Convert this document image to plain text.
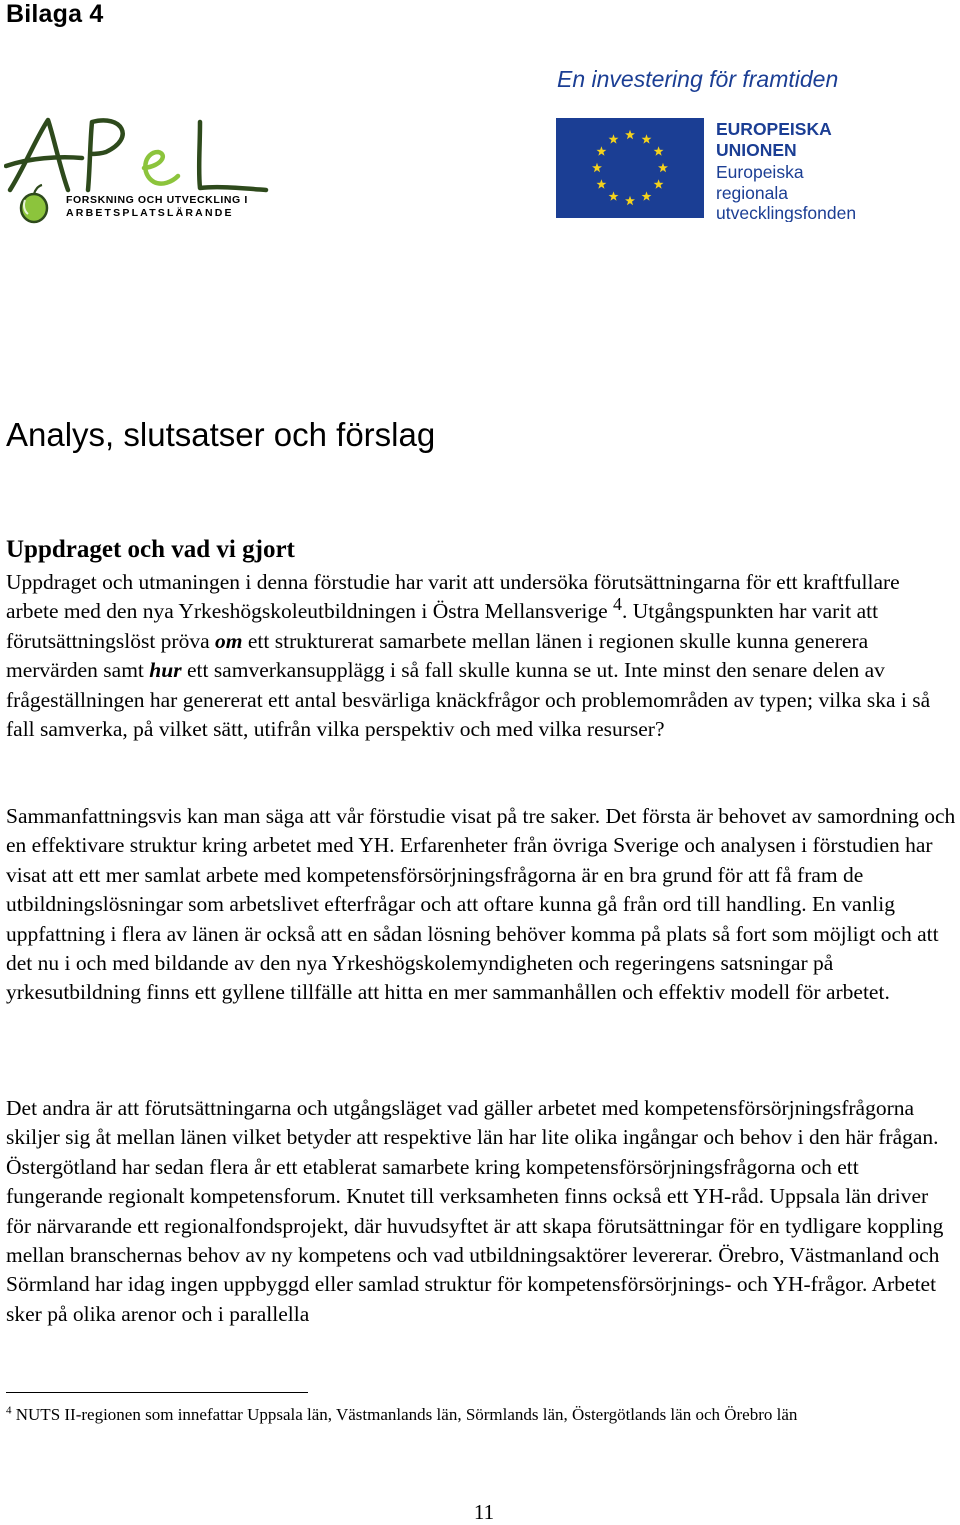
Bilaga 4
FORSKNING OCH UTVECKLING I
ARBETSPLATSLÄRANDE
En investering för framtiden
EUROPEISKA
UNIONEN
Europeiska
regionala
utvecklingsfonden
Analys, slutsatser och förslag
Uppdraget och vad vi gjort
Uppdraget och utmaningen i denna förstudie har varit att undersöka förutsättningarna för ett kraftfullare arbete med den nya Yrkeshögskoleutbildningen i Östra Mellansverige $^4$. Utgångspunkten har varit att förutsättningslöst pröva om ett strukturerat samarbete mellan länen i regionen skulle kunna generera mervärden samt hur ett samverkansupplägg i så fall skulle kunna se ut. Inte minst den senare delen av frågeställningen har genererat ett antal besvärliga knäckfrågor och problemområden av typen; vilka ska i så fall samverka, på vilket sätt, utifrån vilka perspektiv och med vilka resurser?
Sammanfattningsvis kan man säga att vår förstudie visat på tre saker. Det första är behovet av samordning och en effektivare struktur kring arbetet med YH. Erfarenheter från övriga Sverige och analysen i förstudien har visat att ett mer samlat arbete med kompetensförsörjningsfrågorna är en bra grund för att få fram de utbildningslösningar som arbetslivet efterfrågar och att oftare kunna gå från ord till handling. En vanlig uppfattning i flera av länen är också att en sådan lösning behöver komma på plats så fort som möjligt och att det nu i och med bildande av den nya Yrkeshögskolemyndigheten och regeringens satsningar på yrkesutbildning finns ett gyllene tillfälle att hitta en mer sammanhållen och effektiv modell för arbetet.
Det andra är att förutsättningarna och utgångsläget vad gäller arbetet med kompetensförsörjningsfrågorna skiljer sig åt mellan länen vilket betyder att respektive län har lite olika ingångar och behov i den här frågan. Östergötland har sedan flera år ett etablerat samarbete kring kompetensförsörjningsfrågorna och ett fungerande regionalt kompetensforum. Knutet till verksamheten finns också ett YH-råd. Uppsala län driver för närvarande ett regionalfondsprojekt, där huvudsyftet är att skapa förutsättningar för en tydligare koppling mellan branschernas behov av ny kompetens och vad utbildningsaktörer levererar. Örebro, Västmanland och Sörmland har idag ingen uppbyggd eller samlad struktur för kompetensförsörjnings- och YH-frågor. Arbetet sker på olika arenor och i parallella
$^4$ NUTS II-regionen som innefattar Uppsala län, Västmanlands län, Sörmlands län, Östergötlands län och Örebro län
11
